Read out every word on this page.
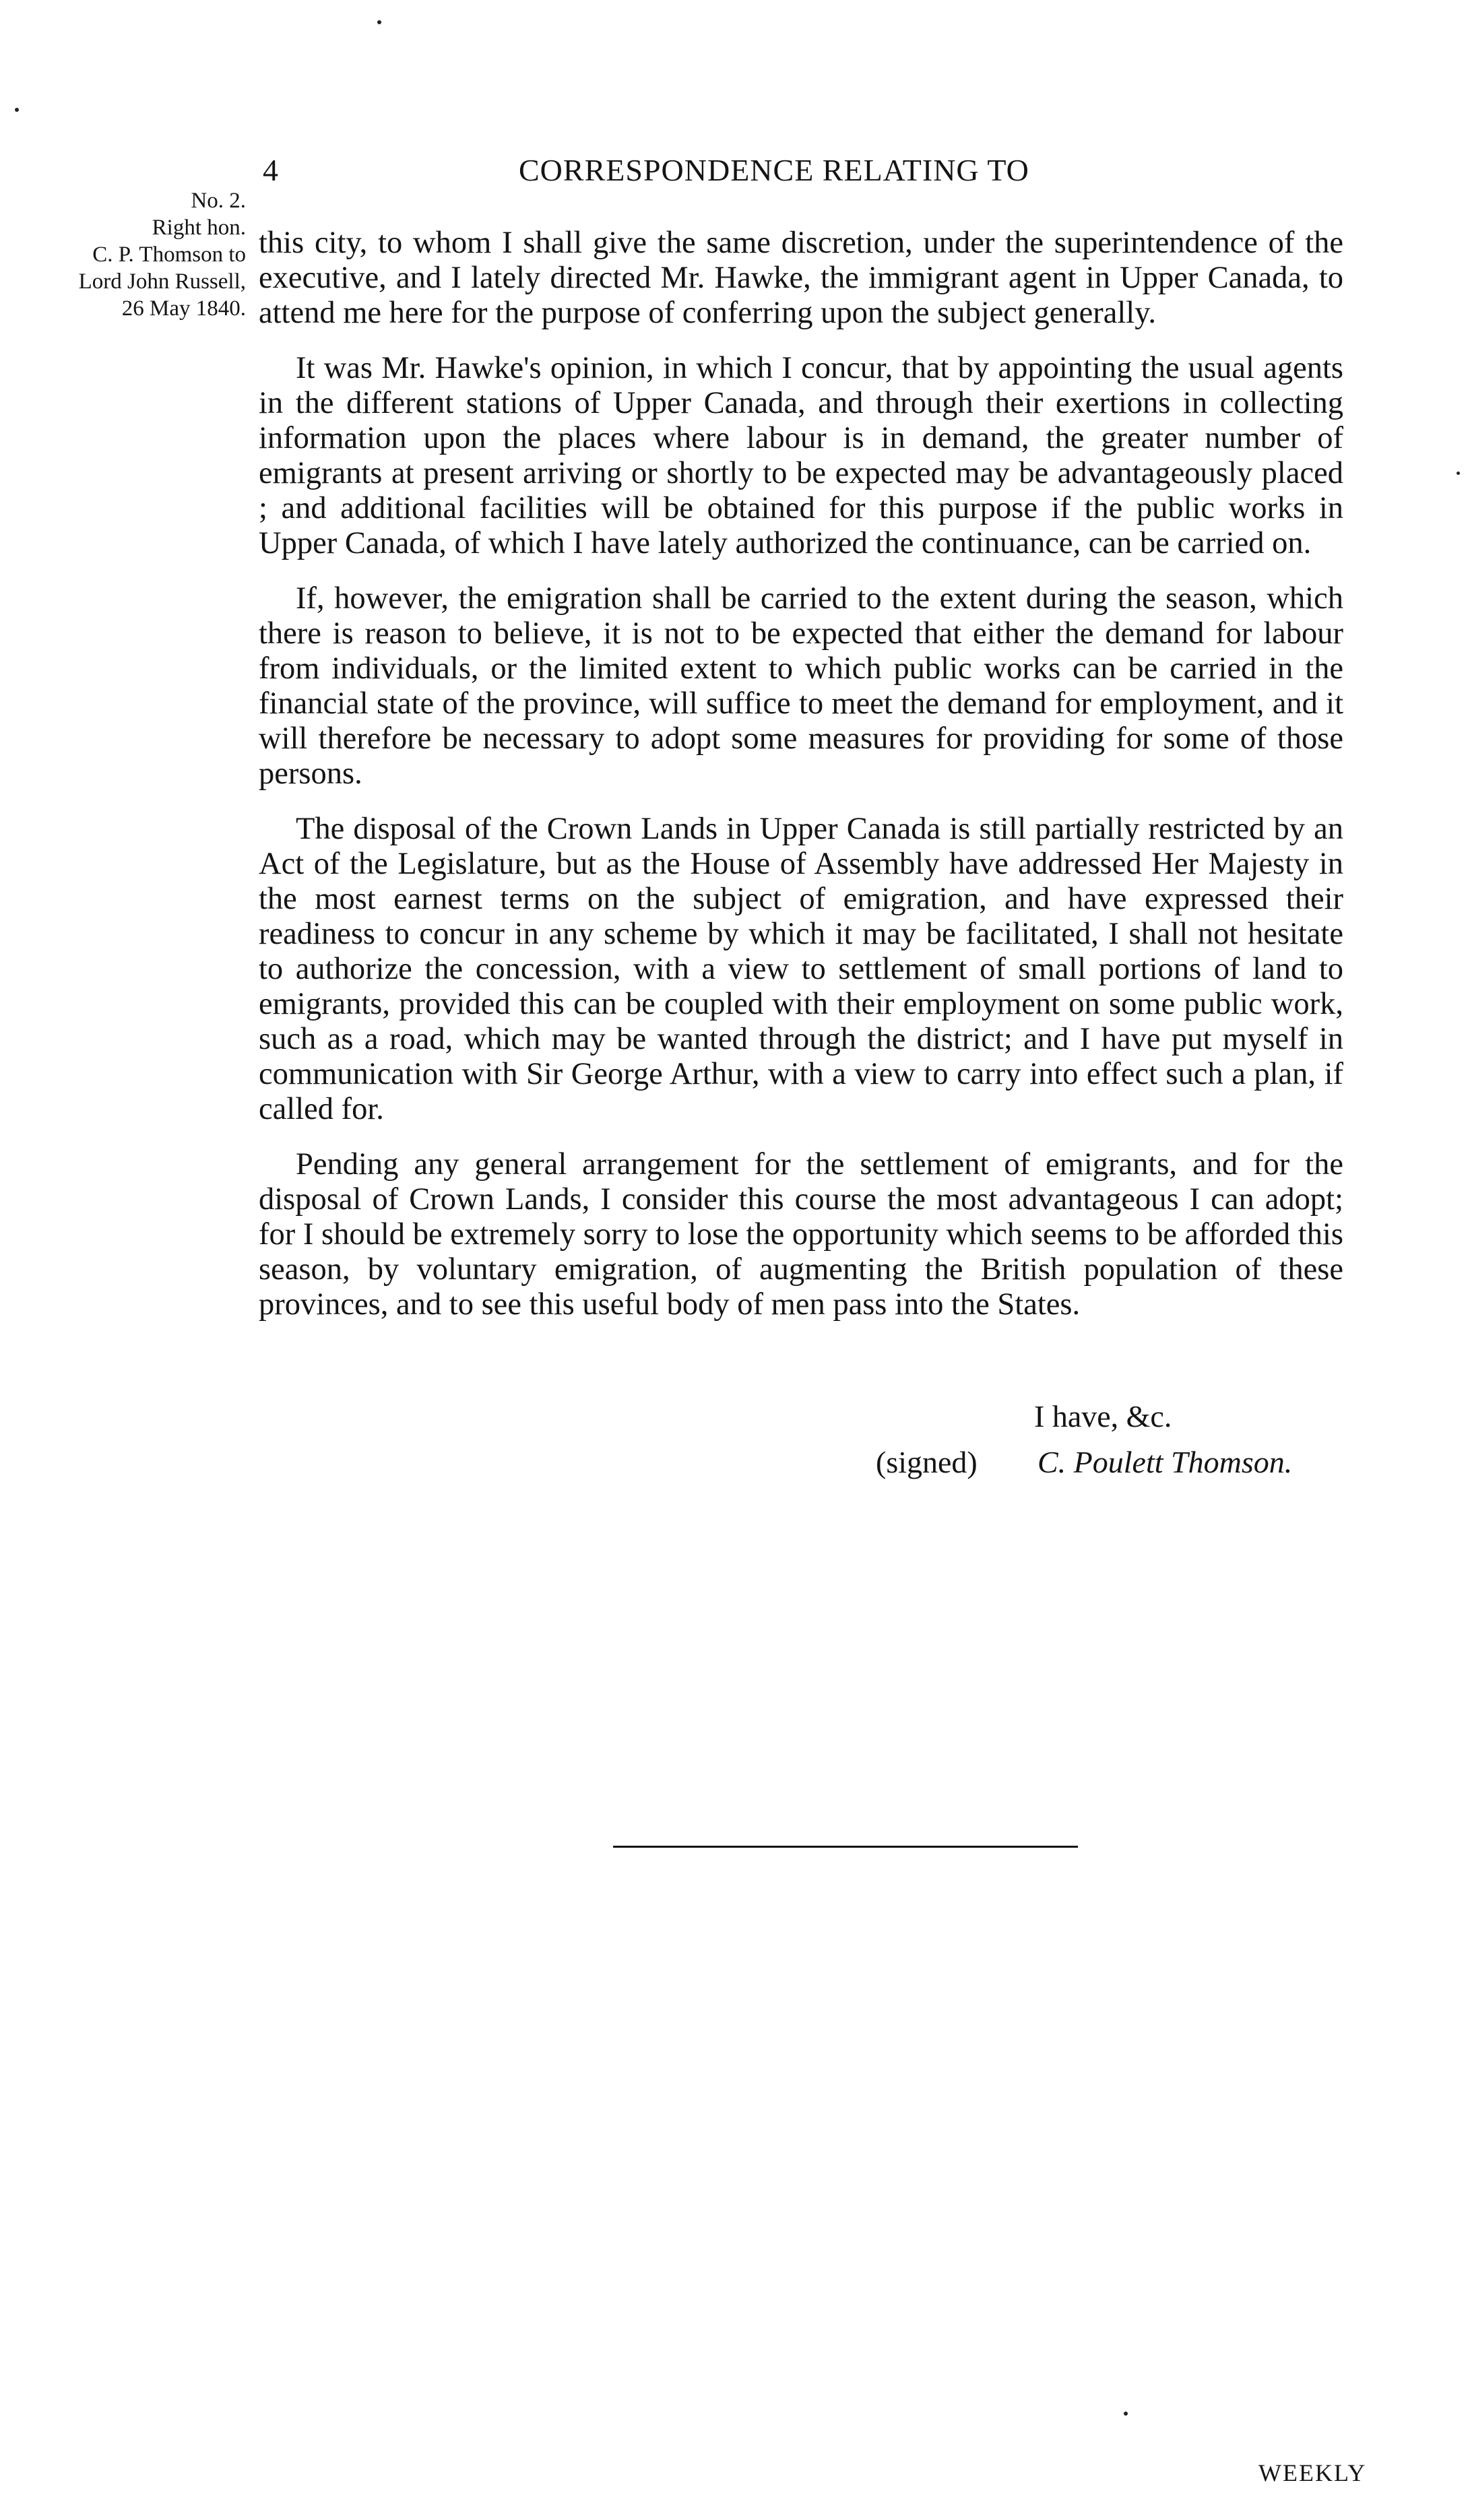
4	CORRESPONDENCE RELATING TO
No. 2.
Right hon.
C. P. Thomson to
Lord John Russell,
26 May 1840.

this city, to whom I shall give the same discretion, under the superintendence of the executive, and I lately directed Mr. Hawke, the immigrant agent in Upper Canada, to attend me here for the purpose of conferring upon the subject generally.

It was Mr. Hawke's opinion, in which I concur, that by appointing the usual agents in the different stations of Upper Canada, and through their exertions in collecting information upon the places where labour is in demand, the greater number of emigrants at present arriving or shortly to be expected may be advantageously placed ; and additional facilities will be obtained for this purpose if the public works in Upper Canada, of which I have lately authorized the continuance, can be carried on.

If, however, the emigration shall be carried to the extent during the season, which there is reason to believe, it is not to be expected that either the demand for labour from individuals, or the limited extent to which public works can be carried in the financial state of the province, will suffice to meet the demand for employment, and it will therefore be necessary to adopt some measures for providing for some of those persons.

The disposal of the Crown Lands in Upper Canada is still partially restricted by an Act of the Legislature, but as the House of Assembly have addressed Her Majesty in the most earnest terms on the subject of emigration, and have expressed their readiness to concur in any scheme by which it may be facilitated, I shall not hesitate to authorize the concession, with a view to settlement of small portions of land to emigrants, provided this can be coupled with their employment on some public work, such as a road, which may be wanted through the district; and I have put myself in communication with Sir George Arthur, with a view to carry into effect such a plan, if called for.

Pending any general arrangement for the settlement of emigrants, and for the disposal of Crown Lands, I consider this course the most advantageous I can adopt; for I should be extremely sorry to lose the opportunity which seems to be afforded this season, by voluntary emigration, of augmenting the British population of these provinces, and to see this useful body of men pass into the States.

I have, &c.
(signed) C. Poulett Thomson.
WEEKLY
